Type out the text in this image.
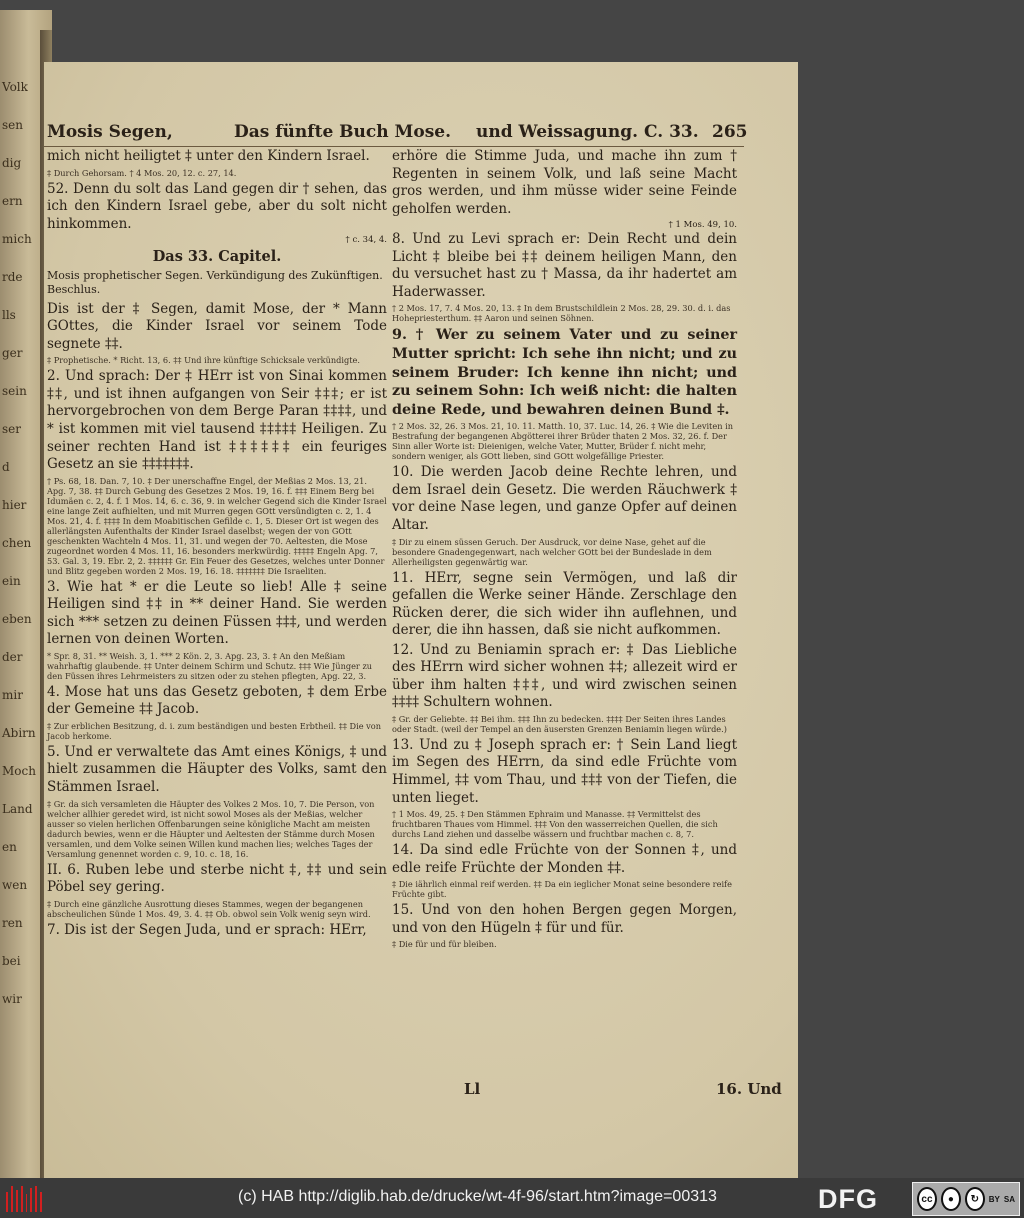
Volk
sen
dig
ern
mich
rde
lls
ger
sein
ser
d
hier
chen
ein
eben
der
mir
Abirn
Moch
Land
en
wen
ren
bei
wir
Mosis Segen,	Das fünfte Buch Mose. und Weissagung. C. 33. 265

mich nicht heiligtet ‡ unter den Kindern Israel.

‡ Durch Gehorsam. † 4 Mos. 20, 12. c. 27, 14.

52. Denn du solt das Land gegen dir † sehen, das ich den Kindern Israel gebe, aber du solt nicht hinkommen.

† c. 34, 4.

Das 33. Capitel.

Mosis prophetischer Segen. Verkündigung des Zukünftigen. Beschlus.

Dis ist der ‡ Segen, damit Mose, der * Mann GOttes, die Kinder Israel vor seinem Tode segnete ‡‡.

‡ Prophetische. * Richt. 13, 6. ‡‡ Und ihre künftige Schicksale verkündigte.

2. Und sprach: Der ‡ HErr ist von Sinai kommen ‡‡, und ist ihnen aufgangen von Seir ‡‡‡; er ist hervorgebrochen von dem Berge Paran ‡‡‡‡, und * ist kommen mit viel tausend ‡‡‡‡‡ Heiligen. Zu seiner rechten Hand ist ‡‡‡‡‡‡ ein feuriges Gesetz an sie ‡‡‡‡‡‡‡.

† Ps. 68, 18. Dan. 7, 10. ‡ Der unerschaffne Engel, der Meßias 2 Mos. 13, 21. Apg. 7, 38. ‡‡ Durch Gebung des Gesetzes 2 Mos. 19, 16. f. ‡‡‡ Einem Berg bei Idumäen c. 2, 4. f. 1 Mos. 14, 6. c. 36, 9. in welcher Gegend sich die Kinder Israel eine lange Zeit aufhielten, und mit Murren gegen GOtt versündigten c. 2, 1. 4 Mos. 21, 4. f. ‡‡‡‡ In dem Moabitischen Gefilde c. 1, 5. Dieser Ort ist wegen des allerlängsten Aufenthalts der Kinder Israel daselbst; wegen der von GOtt geschenkten Wachteln 4 Mos. 11, 31. und wegen der 70. Aeltesten, die Mose zugeordnet worden 4 Mos. 11, 16. besonders merkwürdig. ‡‡‡‡‡ Engeln Apg. 7, 53. Gal. 3, 19. Ebr. 2, 2. ‡‡‡‡‡‡ Gr. Ein Feuer des Gesetzes, welches unter Donner und Blitz gegeben worden 2 Mos. 19, 16. 18. ‡‡‡‡‡‡‡ Die Israeliten.

3. Wie hat * er die Leute so lieb! Alle ‡ seine Heiligen sind ‡‡ in ** deiner Hand. Sie werden sich *** setzen zu deinen Füssen ‡‡‡, und werden lernen von deinen Worten.

* Spr. 8, 31. ** Weish. 3, 1. *** 2 Kön. 2, 3. Apg. 23, 3. ‡ An den Meßiam wahrhaftig glaubende. ‡‡ Unter deinem Schirm und Schutz. ‡‡‡ Wie Jünger zu den Füssen ihres Lehrmeisters zu sitzen oder zu stehen pflegten, Apg. 22, 3.

4. Mose hat uns das Gesetz geboten, ‡ dem Erbe der Gemeine ‡‡ Jacob.

‡ Zur erblichen Besitzung, d. i. zum beständigen und besten Erbtheil. ‡‡ Die von Jacob herkome.

5. Und er verwaltete das Amt eines Königs, ‡ und hielt zusammen die Häupter des Volks, samt den Stämmen Israel.

‡ Gr. da sich versamleten die Häupter des Volkes 2 Mos. 10, 7. Die Person, von welcher allhier geredet wird, ist nicht sowol Moses als der Meßias, welcher ausser so vielen herlichen Offenbarungen seine königliche Macht am meisten dadurch bewies, wenn er die Häupter und Aeltesten der Stämme durch Mosen versamlen, und dem Volke seinen Willen kund machen lies; welches Tages der Versamlung genennet worden c. 9, 10. c. 18, 16.

II. 6. Ruben lebe und sterbe nicht ‡, ‡‡ und sein Pöbel sey gering.

‡ Durch eine gänzliche Ausrottung dieses Stammes, wegen der begangenen abscheulichen Sünde 1 Mos. 49, 3. 4. ‡‡ Ob. obwol sein Volk wenig seyn wird.

7. Dis ist der Segen Juda, und er sprach: HErr,

erhöre die Stimme Juda, und mache ihn zum † Regenten in seinem Volk, und laß seine Macht gros werden, und ihm müsse wider seine Feinde geholfen werden.

† 1 Mos. 49, 10.

8. Und zu Levi sprach er: Dein Recht und dein Licht ‡ bleibe bei ‡‡ deinem heiligen Mann, den du versuchet hast zu † Massa, da ihr hadertet am Haderwasser.

† 2 Mos. 17, 7. 4 Mos. 20, 13. ‡ In dem Brustschildlein 2 Mos. 28, 29. 30. d. i. das Hohepriesterthum. ‡‡ Aaron und seinen Söhnen.

9. † Wer zu seinem Vater und zu seiner Mutter spricht: Ich sehe ihn nicht; und zu seinem Bruder: Ich kenne ihn nicht; und zu seinem Sohn: Ich weiß nicht: die halten deine Rede, und bewahren deinen Bund ‡.

† 2 Mos. 32, 26. 3 Mos. 21, 10. 11. Matth. 10, 37. Luc. 14, 26. ‡ Wie die Leviten in Bestrafung der begangenen Abgötterei ihrer Brüder thaten 2 Mos. 32, 26. f. Der Sinn aller Worte ist: Dieienigen, welche Vater, Mutter, Brüder f. nicht mehr, sondern weniger, als GOtt lieben, sind GOtt wolgefällige Priester.

10. Die werden Jacob deine Rechte lehren, und dem Israel dein Gesetz. Die werden Räuchwerk ‡ vor deine Nase legen, und ganze Opfer auf deinen Altar.

‡ Dir zu einem süssen Geruch. Der Ausdruck, vor deine Nase, gehet auf die besondere Gnadengegenwart, nach welcher GOtt bei der Bundeslade in dem Allerheiligsten gegenwärtig war.

11. HErr, segne sein Vermögen, und laß dir gefallen die Werke seiner Hände. Zerschlage den Rücken derer, die sich wider ihn auflehnen, und derer, die ihn hassen, daß sie nicht aufkommen.

12. Und zu Beniamin sprach er: ‡ Das Liebliche des HErrn wird sicher wohnen ‡‡; allezeit wird er über ihm halten ‡‡‡, und wird zwischen seinen ‡‡‡‡ Schultern wohnen.

‡ Gr. der Geliebte. ‡‡ Bei ihm. ‡‡‡ Ihn zu bedecken. ‡‡‡‡ Der Seiten ihres Landes oder Stadt. (weil der Tempel an den äusersten Grenzen Beniamin liegen würde.)

13. Und zu ‡ Joseph sprach er: † Sein Land liegt im Segen des HErrn, da sind edle Früchte vom Himmel, ‡‡ vom Thau, und ‡‡‡ von der Tiefen, die unten lieget.

† 1 Mos. 49, 25. ‡ Den Stämmen Ephraim und Manasse. ‡‡ Vermittelst des fruchtbaren Thaues vom Himmel. ‡‡‡ Von den wasserreichen Quellen, die sich durchs Land ziehen und dasselbe wässern und fruchtbar machen c. 8, 7.

14. Da sind edle Früchte von der Sonnen ‡, und edle reife Früchte der Monden ‡‡.

‡ Die iährlich einmal reif werden. ‡‡ Da ein ieglicher Monat seine besondere reife Früchte gibt.

15. Und von den hohen Bergen gegen Morgen, und von den Hügeln ‡ für und für.

‡ Die für und für bleiben.

Ll	16. Und
(c) HAB http://diglib.hab.de/drucke/wt-4f-96/start.htm?image=00313	DFG	cc	●	↻	BY SA
